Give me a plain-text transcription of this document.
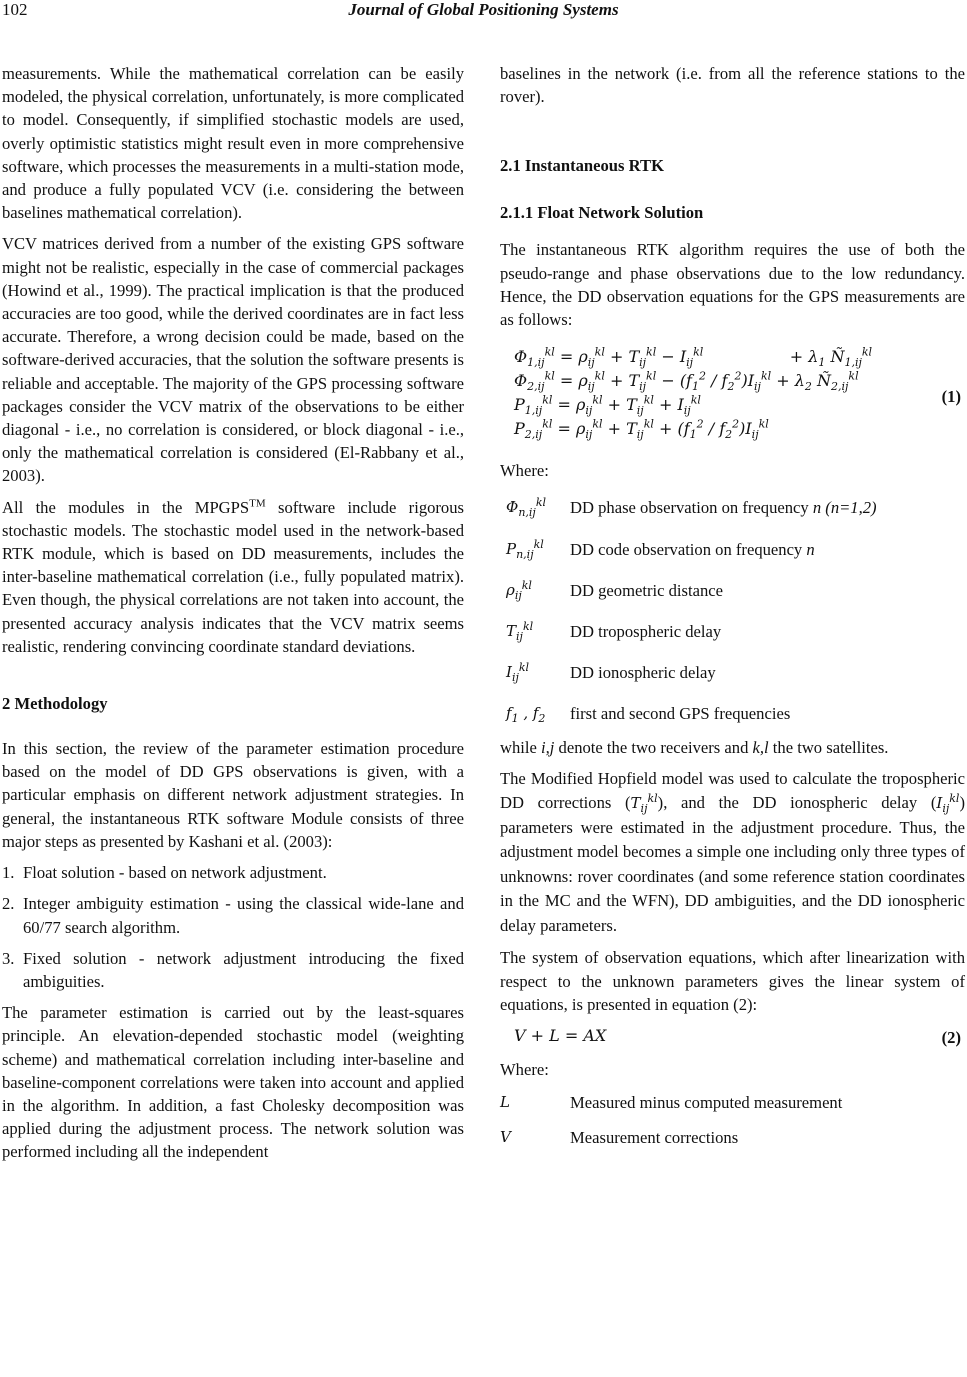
102	Journal of Global Positioning Systems

measurements. While the mathematical correlation can be easily modeled, the physical correlation, unfortunately, is more complicated to model. Consequently, if simplified stochastic models are used, overly optimistic statistics might result even in more comprehensive software, which processes the measurements in a multi-station mode, and produce a fully populated VCV (i.e. considering the between baselines mathematical correlation).

VCV matrices derived from a number of the existing GPS software might not be realistic, especially in the case of commercial packages (Howind et al., 1999). The practical implication is that the produced accuracies are too good, while the derived coordinates are in fact less accurate. Therefore, a wrong decision could be made, based on the software-derived accuracies, that the solution the software presents is reliable and acceptable. The majority of the GPS processing software packages consider the VCV matrix of the observations to be either diagonal - i.e., no correlation is considered, or block diagonal - i.e., only the mathematical correlation is considered (El-Rabbany et al., 2003).

All the modules in the MPGPS™ software include rigorous stochastic models. The stochastic model used in the network-based RTK module, which is based on DD measurements, includes the inter-baseline mathematical correlation (i.e., fully populated matrix). Even though, the physical correlations are not taken into account, the presented accuracy analysis indicates that the VCV matrix seems realistic, rendering convincing coordinate standard deviations.

2 Methodology

In this section, the review of the parameter estimation procedure based on the model of DD GPS observations is given, with a particular emphasis on different network adjustment strategies. In general, the instantaneous RTK software Module consists of three major steps as presented by Kashani et al. (2003):

1. Float solution - based on network adjustment.
2. Integer ambiguity estimation - using the classical wide-lane and 60/77 search algorithm.
3. Fixed solution - network adjustment introducing the fixed ambiguities.

The parameter estimation is carried out by the least-squares principle. An elevation-depended stochastic model (weighting scheme) and mathematical correlation including inter-baseline and baseline-component correlations were taken into account and applied in the algorithm. In addition, a fast Cholesky decomposition was applied during the adjustment process. The network solution was performed including all the independent

baselines in the network (i.e. from all the reference stations to the rover).

2.1 Instantaneous RTK
2.1.1 Float Network Solution

The instantaneous RTK algorithm requires the use of both the pseudo-range and phase observations due to the low redundancy. Hence, the DD observation equations for the GPS measurements are as follows:

$\Phi_{1,ij}^{kl} = \rho_{ij}^{kl} + T_{ij}^{kl} - I_{ij}^{kl}$                 + $\lambda_1$ $Ñ_{1,ij}^{kl}$
$\Phi_{2,ij}^{kl} = \rho_{ij}^{kl} + T_{ij}^{kl} - (f_1^2 / f_2^2)I_{ij}^{kl} + \lambda_2$ $Ñ_{2,ij}^{kl}$
$P_{1,ij}^{kl} = \rho_{ij}^{kl} + T_{ij}^{kl} + I_{ij}^{kl}$
$P_{2,ij}^{kl} = \rho_{ij}^{kl} + T_{ij}^{kl} + (f_1^2 / f_2^2)I_{ij}^{kl}$
(1)

Where:

$\Phi_{n,ij}^{kl}$	DD phase observation on frequency n (n=1,2)
$P_{n,ij}^{kl}$	DD code observation on frequency n
$\rho_{ij}^{kl}$	DD geometric distance
$T_{ij}^{kl}$	DD tropospheric delay
$I_{ij}^{kl}$	DD ionospheric delay
$f_1$ , $f_2$	first and second GPS frequencies

while i,j denote the two receivers and k,l the two satellites.

The Modified Hopfield model was used to calculate the tropospheric DD corrections $(T_{ij}^{kl})$, and the DD ionospheric delay $(I_{ij}^{kl})$ parameters were estimated in the adjustment procedure. Thus, the adjustment model becomes a simple one including only three types of unknowns: rover coordinates (and some reference station coordinates in the MC and the WFN), DD ambiguities, and the DD ionospheric delay parameters.

The system of observation equations, which after linearization with respect to the unknown parameters gives the linear system of equations, is presented in equation (2):

V + L = AX	(2)

Where:

L	Measured minus computed measurement
V	Measurement corrections
